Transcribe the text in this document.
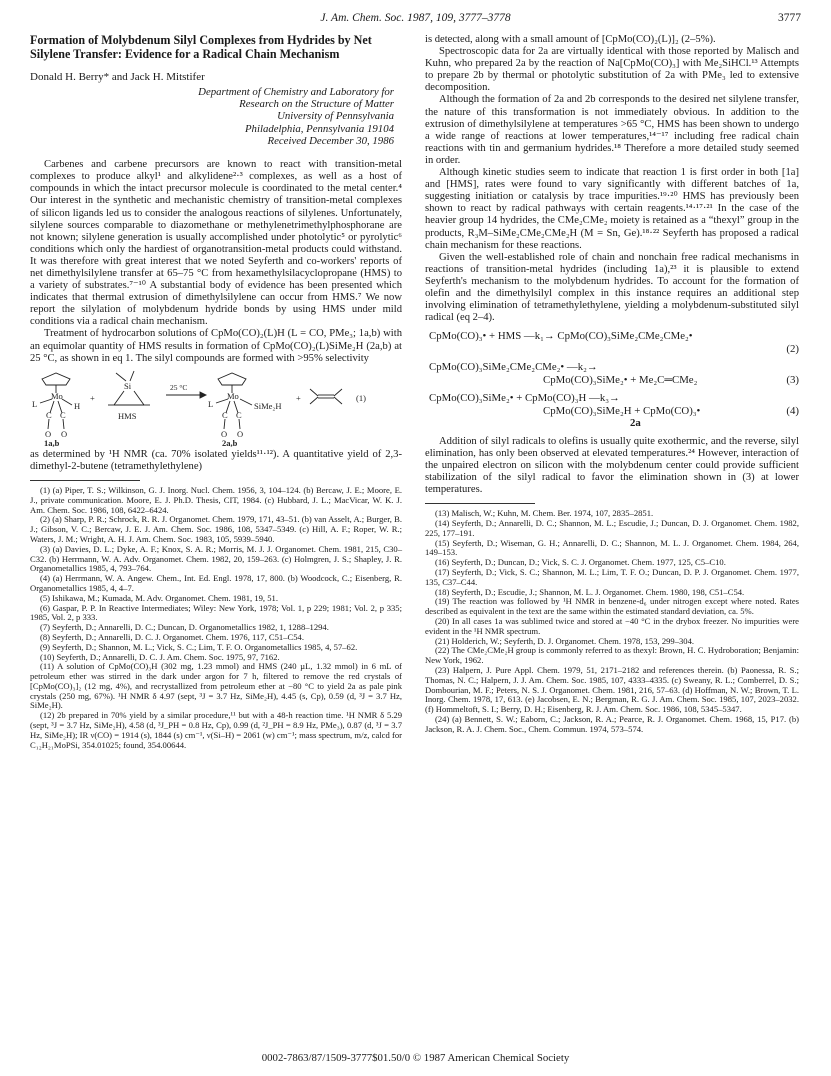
J. Am. Chem. Soc. 1987, 109, 3777–3778	3777
Formation of Molybdenum Silyl Complexes from Hydrides by Net Silylene Transfer: Evidence for a Radical Chain Mechanism
Donald H. Berry* and Jack H. Mitstifer
Department of Chemistry and Laboratory for
Research on the Structure of Matter
University of Pennsylvania
Philadelphia, Pennsylvania 19104
Received December 30, 1986

Carbenes and carbene precursors are known to react with transition-metal complexes to produce alkyl¹ and alkylidene²·³ complexes, as well as a host of compounds in which the intact precursor molecule is coordinated to the metal center.⁴ Our interest in the synthetic and mechanistic chemistry of transition-metal complexes of silicon ligands led us to consider the analogous reactions of silylenes. Unfortunately, silylene sources comparable to diazomethane or methylenetrimethylphosphorane are not known; silylene generation is usually accomplished under photolytic⁵ or pyrolytic⁶ conditions which only the hardiest of organotransition-metal products could withstand. It was therefore with great interest that we noted Seyferth and co-workers' reports of net dimethylsilylene transfer at 65–75 °C from hexamethylsilacyclopropane (HMS) to a variety of substrates.⁷⁻¹⁰ A substantial body of evidence has been presented which indicates that thermal extrusion of dimethylsilylene can occur from HMS.⁷ We now report the silylation of molybdenum hydride bonds by using HMS under mild conditions via a radical chain mechanism.

Treatment of hydrocarbon solutions of CpMo(CO)₂(L)H (L = CO, PMe₃; 1a,b) with an equimolar quantity of HMS results in formation of CpMo(CO)₂(L)SiMe₂H (2a,b) at 25 °C, as shown in eq 1. The silyl compounds are formed with >95% selectivity

Mo
L	H
C C
O O
+
Si
HMS
25 °C
Mo
L	SiMe₂H
C C
O O
+	(1)
1a,b	2a,b

as determined by ¹H NMR (ca. 70% isolated yields¹¹·¹²). A quantitative yield of 2,3-dimethyl-2-butene (tetramethylethylene)

(1) (a) Piper, T. S.; Wilkinson, G. J. Inorg. Nucl. Chem. 1956, 3, 104–124. (b) Bercaw, J. E.; Moore, E. J., private communication. Moore, E. J. Ph.D. Thesis, CIT, 1984. (c) Hubbard, J. L.; MacVicar, W. K. J. Am. Chem. Soc. 1986, 108, 6422–6424.
(2) (a) Sharp, P. R.; Schrock, R. R. J. Organomet. Chem. 1979, 171, 43–51. (b) van Asselt, A.; Burger, B. J.; Gibson, V. C.; Bercaw, J. E. J. Am. Chem. Soc. 1986, 108, 5347–5349. (c) Hill, A. F.; Roper, W. R.; Waters, J. M.; Wright, A. H. J. Am. Chem. Soc. 1983, 105, 5939–5940.
(3) (a) Davies, D. L.; Dyke, A. F.; Knox, S. A. R.; Morris, M. J. J. Organomet. Chem. 1981, 215, C30–C32. (b) Herrmann, W. A. Adv. Organomet. Chem. 1982, 20, 159–263. (c) Holmgren, J. S.; Shapley, J. R. Organometallics 1985, 4, 793–764.
(4) (a) Herrmann, W. A. Angew. Chem., Int. Ed. Engl. 1978, 17, 800. (b) Woodcock, C.; Eisenberg, R. Organometallics 1985, 4, 4–7.
(5) Ishikawa, M.; Kumada, M. Adv. Organomet. Chem. 1981, 19, 51.
(6) Gaspar, P. P. In Reactive Intermediates; Wiley: New York, 1978; Vol. 1, p 229; 1981; Vol. 2, p 335; 1985, Vol. 2, p 333.
(7) Seyferth, D.; Annarelli, D. C.; Duncan, D. Organometallics 1982, 1, 1288–1294.
(8) Seyferth, D.; Annarelli, D. C. J. Organomet. Chem. 1976, 117, C51–C54.
(9) Seyferth, D.; Shannon, M. L.; Vick, S. C.; Lim, T. F. O. Organometallics 1985, 4, 57–62.
(10) Seyferth, D.; Annarelli, D. C. J. Am. Chem. Soc. 1975, 97, 7162.
(11) A solution of CpMo(CO)₃H (302 mg, 1.23 mmol) and HMS (240 µL, 1.32 mmol) in 6 mL of petroleum ether was stirred in the dark under argon for 7 h, filtered to remove the red crystals of [CpMo(CO)₃]₂ (12 mg, 4%), and recrystallized from petroleum ether at −80 °C to yield 2a as pale pink crystals (250 mg, 67%). ¹H NMR δ 4.97 (sept, ³J = 3.7 Hz, SiMe₂H), 4.45 (s, Cp), 0.59 (d, ³J = 3.7 Hz, SiMe₂H).
(12) 2b prepared in 70% yield by a similar procedure,¹¹ but with a 48-h reaction time. ¹H NMR δ 5.29 (sept, ³J = 3.7 Hz, SiMe₂H), 4.58 (d, ³J_PH = 0.8 Hz, Cp), 0.99 (d, ²J_PH = 8.9 Hz, PMe₃), 0.87 (d, ³J = 3.7 Hz, SiMe₂H); IR ν(CO) = 1914 (s), 1844 (s) cm⁻¹, ν(Si–H) = 2061 (w) cm⁻¹; mass spectrum, m/z, calcd for C₁₂H₂₁MoPSi, 354.01025; found, 354.00644.

is detected, along with a small amount of [CpMo(CO)₂(L)]₂ (2–5%).

Spectroscopic data for 2a are virtually identical with those reported by Malisch and Kuhn, who prepared 2a by the reaction of Na[CpMo(CO)₃] with Me₂SiHCl.¹³ Attempts to prepare 2b by thermal or photolytic substitution of 2a with PMe₃ led to extensive decomposition.

Although the formation of 2a and 2b corresponds to the desired net silylene transfer, the nature of this transformation is not immediately obvious. In addition to the extrusion of dimethylsilylene at temperatures >65 °C, HMS has been shown to undergo a wide range of reactions at lower temperatures,¹⁴⁻¹⁷ including free radical chain reactions with tin and germanium hydrides.¹⁸ Therefore a more detailed study seemed in order.

Although kinetic studies seem to indicate that reaction 1 is first order in both [1a] and [HMS], rates were found to vary significantly with different batches of 1a, suggesting initiation or catalysis by trace impurities.¹⁹·²⁰ HMS has previously been shown to react by radical pathways with certain reagents.¹⁴·¹⁷·²¹ In the case of the heavier group 14 hydrides, the CMe₂CMe₂ moiety is retained as a “thexyl” group in the products, R₃M–SiMe₂CMe₂CMe₂H (M = Sn, Ge).¹⁸·²² Seyferth has proposed a radical chain mechanism for these reactions.

Given the well-established role of chain and nonchain free radical mechanisms in reactions of transition-metal hydrides (including 1a),²³ it is plausible to extend Seyferth's mechanism to the molybdenum hydrides. To account for the formation of olefin and the dimethylsilyl complex in this instance requires an additional step involving elimination of tetramethylethylene, yielding a molybdenum-substituted silyl radical (eq 2–4).

CpMo(CO)₃• + HMS —k₁→ CpMo(CO)₃SiMe₂CMe₂CMe₂•
(2)
CpMo(CO)₃SiMe₂CMe₂CMe₂• —k₂→
CpMo(CO)₃SiMe₂• + Me₂C═CMe₂	(3)
CpMo(CO)₃SiMe₂• + CpMo(CO)₃H —k₃→
CpMo(CO)₃SiMe₂H + CpMo(CO)₃•	(4)
2a

Addition of silyl radicals to olefins is usually quite exothermic, and the reverse, silyl elimination, has only been observed at elevated temperatures.²⁴ However, interaction of the unpaired electron on silicon with the molybdenum center could provide sufficient stabilization of the silyl radical to favor the elimination shown in (3) at lower temperatures.

(13) Malisch, W.; Kuhn, M. Chem. Ber. 1974, 107, 2835–2851.
(14) Seyferth, D.; Annarelli, D. C.; Shannon, M. L.; Escudie, J.; Duncan, D. J. Organomet. Chem. 1982, 225, 177–191.
(15) Seyferth, D.; Wiseman, G. H.; Annarelli, D. C.; Shannon, M. L. J. Organomet. Chem. 1984, 264, 149–153.
(16) Seyferth, D.; Duncan, D.; Vick, S. C. J. Organomet. Chem. 1977, 125, C5–C10.
(17) Seyferth, D.; Vick, S. C.; Shannon, M. L.; Lim, T. F. O.; Duncan, D. P. J. Organomet. Chem. 1977, 135, C37–C44.
(18) Seyferth, D.; Escudie, J.; Shannon, M. L. J. Organomet. Chem. 1980, 198, C51–C54.
(19) The reaction was followed by ¹H NMR in benzene-d₆ under nitrogen except where noted. Rates described as equivalent in the text are the same within the estimated standard deviation, ca. 5%.
(20) In all cases 1a was sublimed twice and stored at −40 °C in the drybox freezer. No impurities were evident in the ¹H NMR spectrum.
(21) Holderich, W.; Seyferth, D. J. Organomet. Chem. 1978, 153, 299–304.
(22) The CMe₂CMe₂H group is commonly referred to as thexyl: Brown, H. C. Hydroboration; Benjamin: New York, 1962.
(23) Halpern, J. Pure Appl. Chem. 1979, 51, 2171–2182 and references therein. (b) Paonessa, R. S.; Thomas, N. C.; Halpern, J. J. Am. Chem. Soc. 1985, 107, 4333–4335. (c) Sweany, R. L.; Comberrel, D. S.; Dombourian, M. F.; Peters, N. S. J. Organomet. Chem. 1981, 216, 57–63. (d) Hoffman, N. W.; Brown, T. L. Inorg. Chem. 1978, 17, 613. (e) Jacobsen, E. N.; Bergman, R. G. J. Am. Chem. Soc. 1985, 107, 2023–2032. (f) Hommeltoft, S. I.; Berry, D. H.; Eisenberg, R. J. Am. Chem. Soc. 1986, 108, 5345–5347.
(24) (a) Bennett, S. W.; Eaborn, C.; Jackson, R. A.; Pearce, R. J. Organomet. Chem. 1968, 15, P17. (b) Jackson, R. A. J. Chem. Soc., Chem. Commun. 1974, 573–574.
0002-7863/87/1509-3777$01.50/0 © 1987 American Chemical Society
